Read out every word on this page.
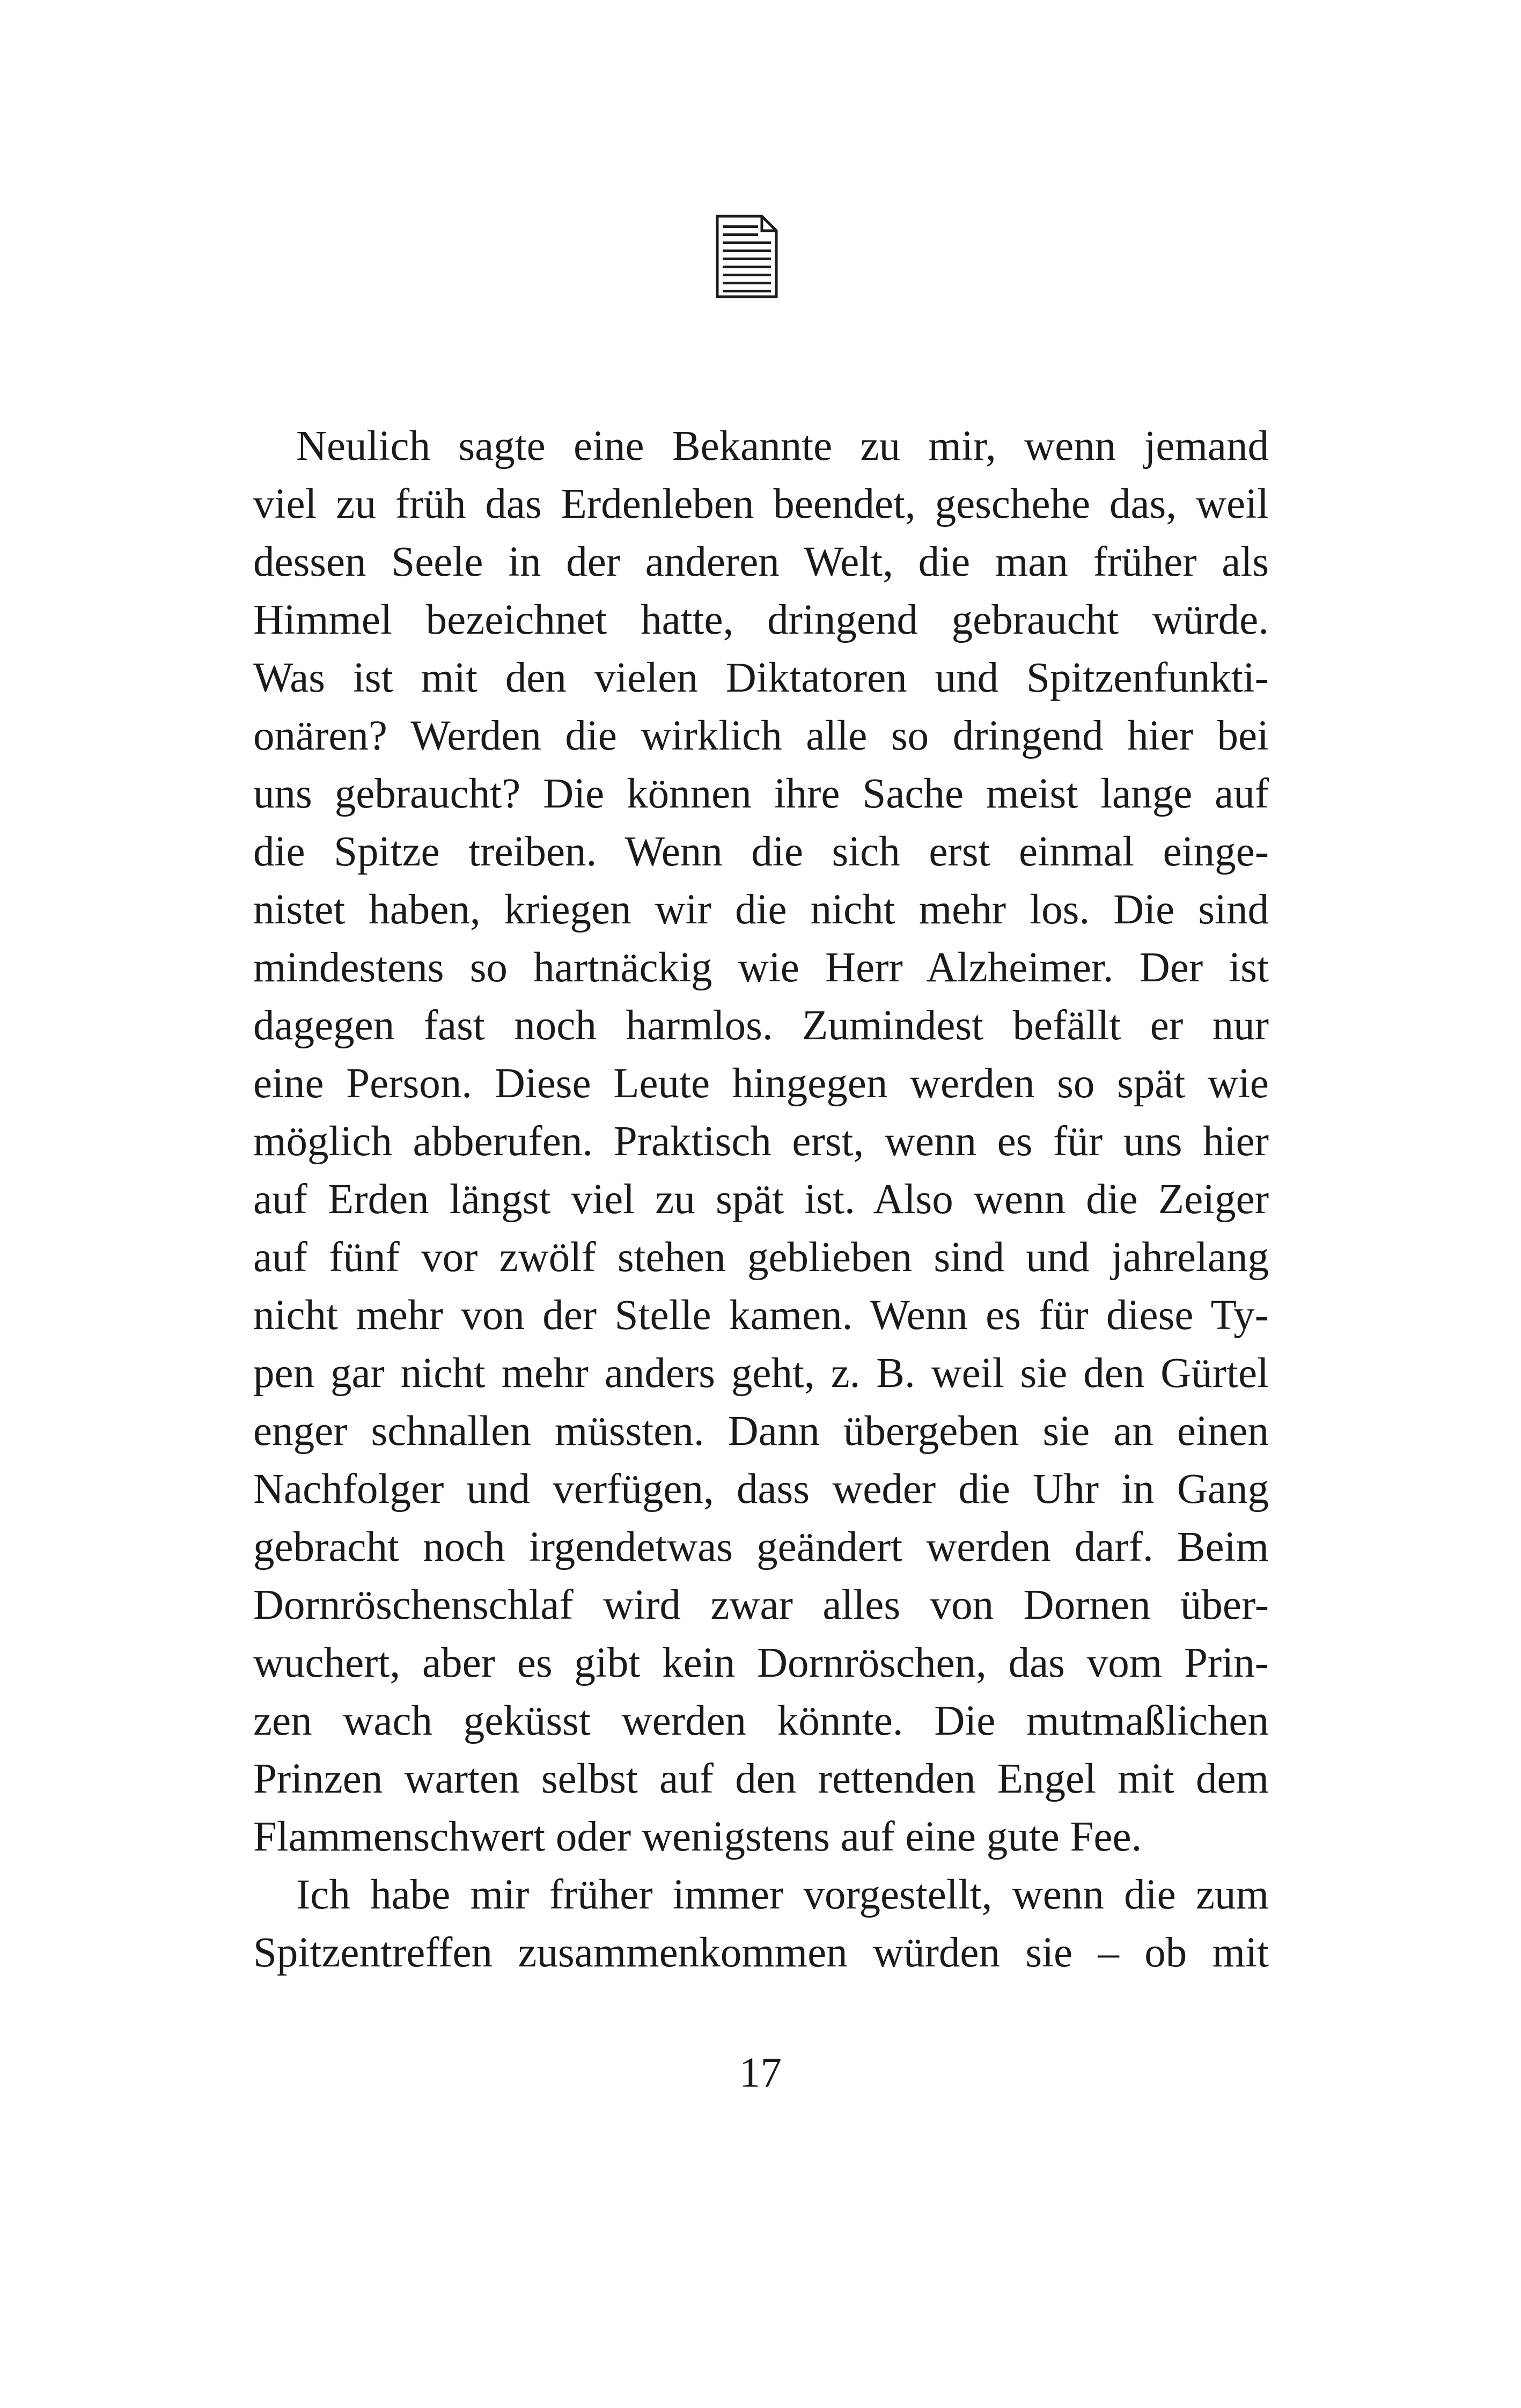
Neulich sagte eine Bekannte zu mir, wenn jemand
viel zu früh das Erdenleben beendet, geschehe das, weil
dessen Seele in der anderen Welt, die man früher als
Himmel bezeichnet hatte, dringend gebraucht würde.
Was ist mit den vielen Diktatoren und Spitzenfunkti-
onären? Werden die wirklich alle so dringend hier bei
uns gebraucht? Die können ihre Sache meist lange auf
die Spitze treiben. Wenn die sich erst einmal einge-
nistet haben, kriegen wir die nicht mehr los. Die sind
mindestens so hartnäckig wie Herr Alzheimer. Der ist
dagegen fast noch harmlos. Zumindest befällt er nur
eine Person. Diese Leute hingegen werden so spät wie
möglich abberufen. Praktisch erst, wenn es für uns hier
auf Erden längst viel zu spät ist. Also wenn die Zeiger
auf fünf vor zwölf stehen geblieben sind und jahrelang
nicht mehr von der Stelle kamen. Wenn es für diese Ty-
pen gar nicht mehr anders geht, z. B. weil sie den Gürtel
enger schnallen müssten. Dann übergeben sie an einen
Nachfolger und verfügen, dass weder die Uhr in Gang
gebracht noch irgendetwas geändert werden darf. Beim
Dornröschenschlaf wird zwar alles von Dornen über-
wuchert, aber es gibt kein Dornröschen, das vom Prin-
zen wach geküsst werden könnte. Die mutmaßlichen
Prinzen warten selbst auf den rettenden Engel mit dem
Flammenschwert oder wenigstens auf eine gute Fee.
Ich habe mir früher immer vorgestellt, wenn die zum
Spitzentreffen zusammenkommen würden sie – ob mit
17
